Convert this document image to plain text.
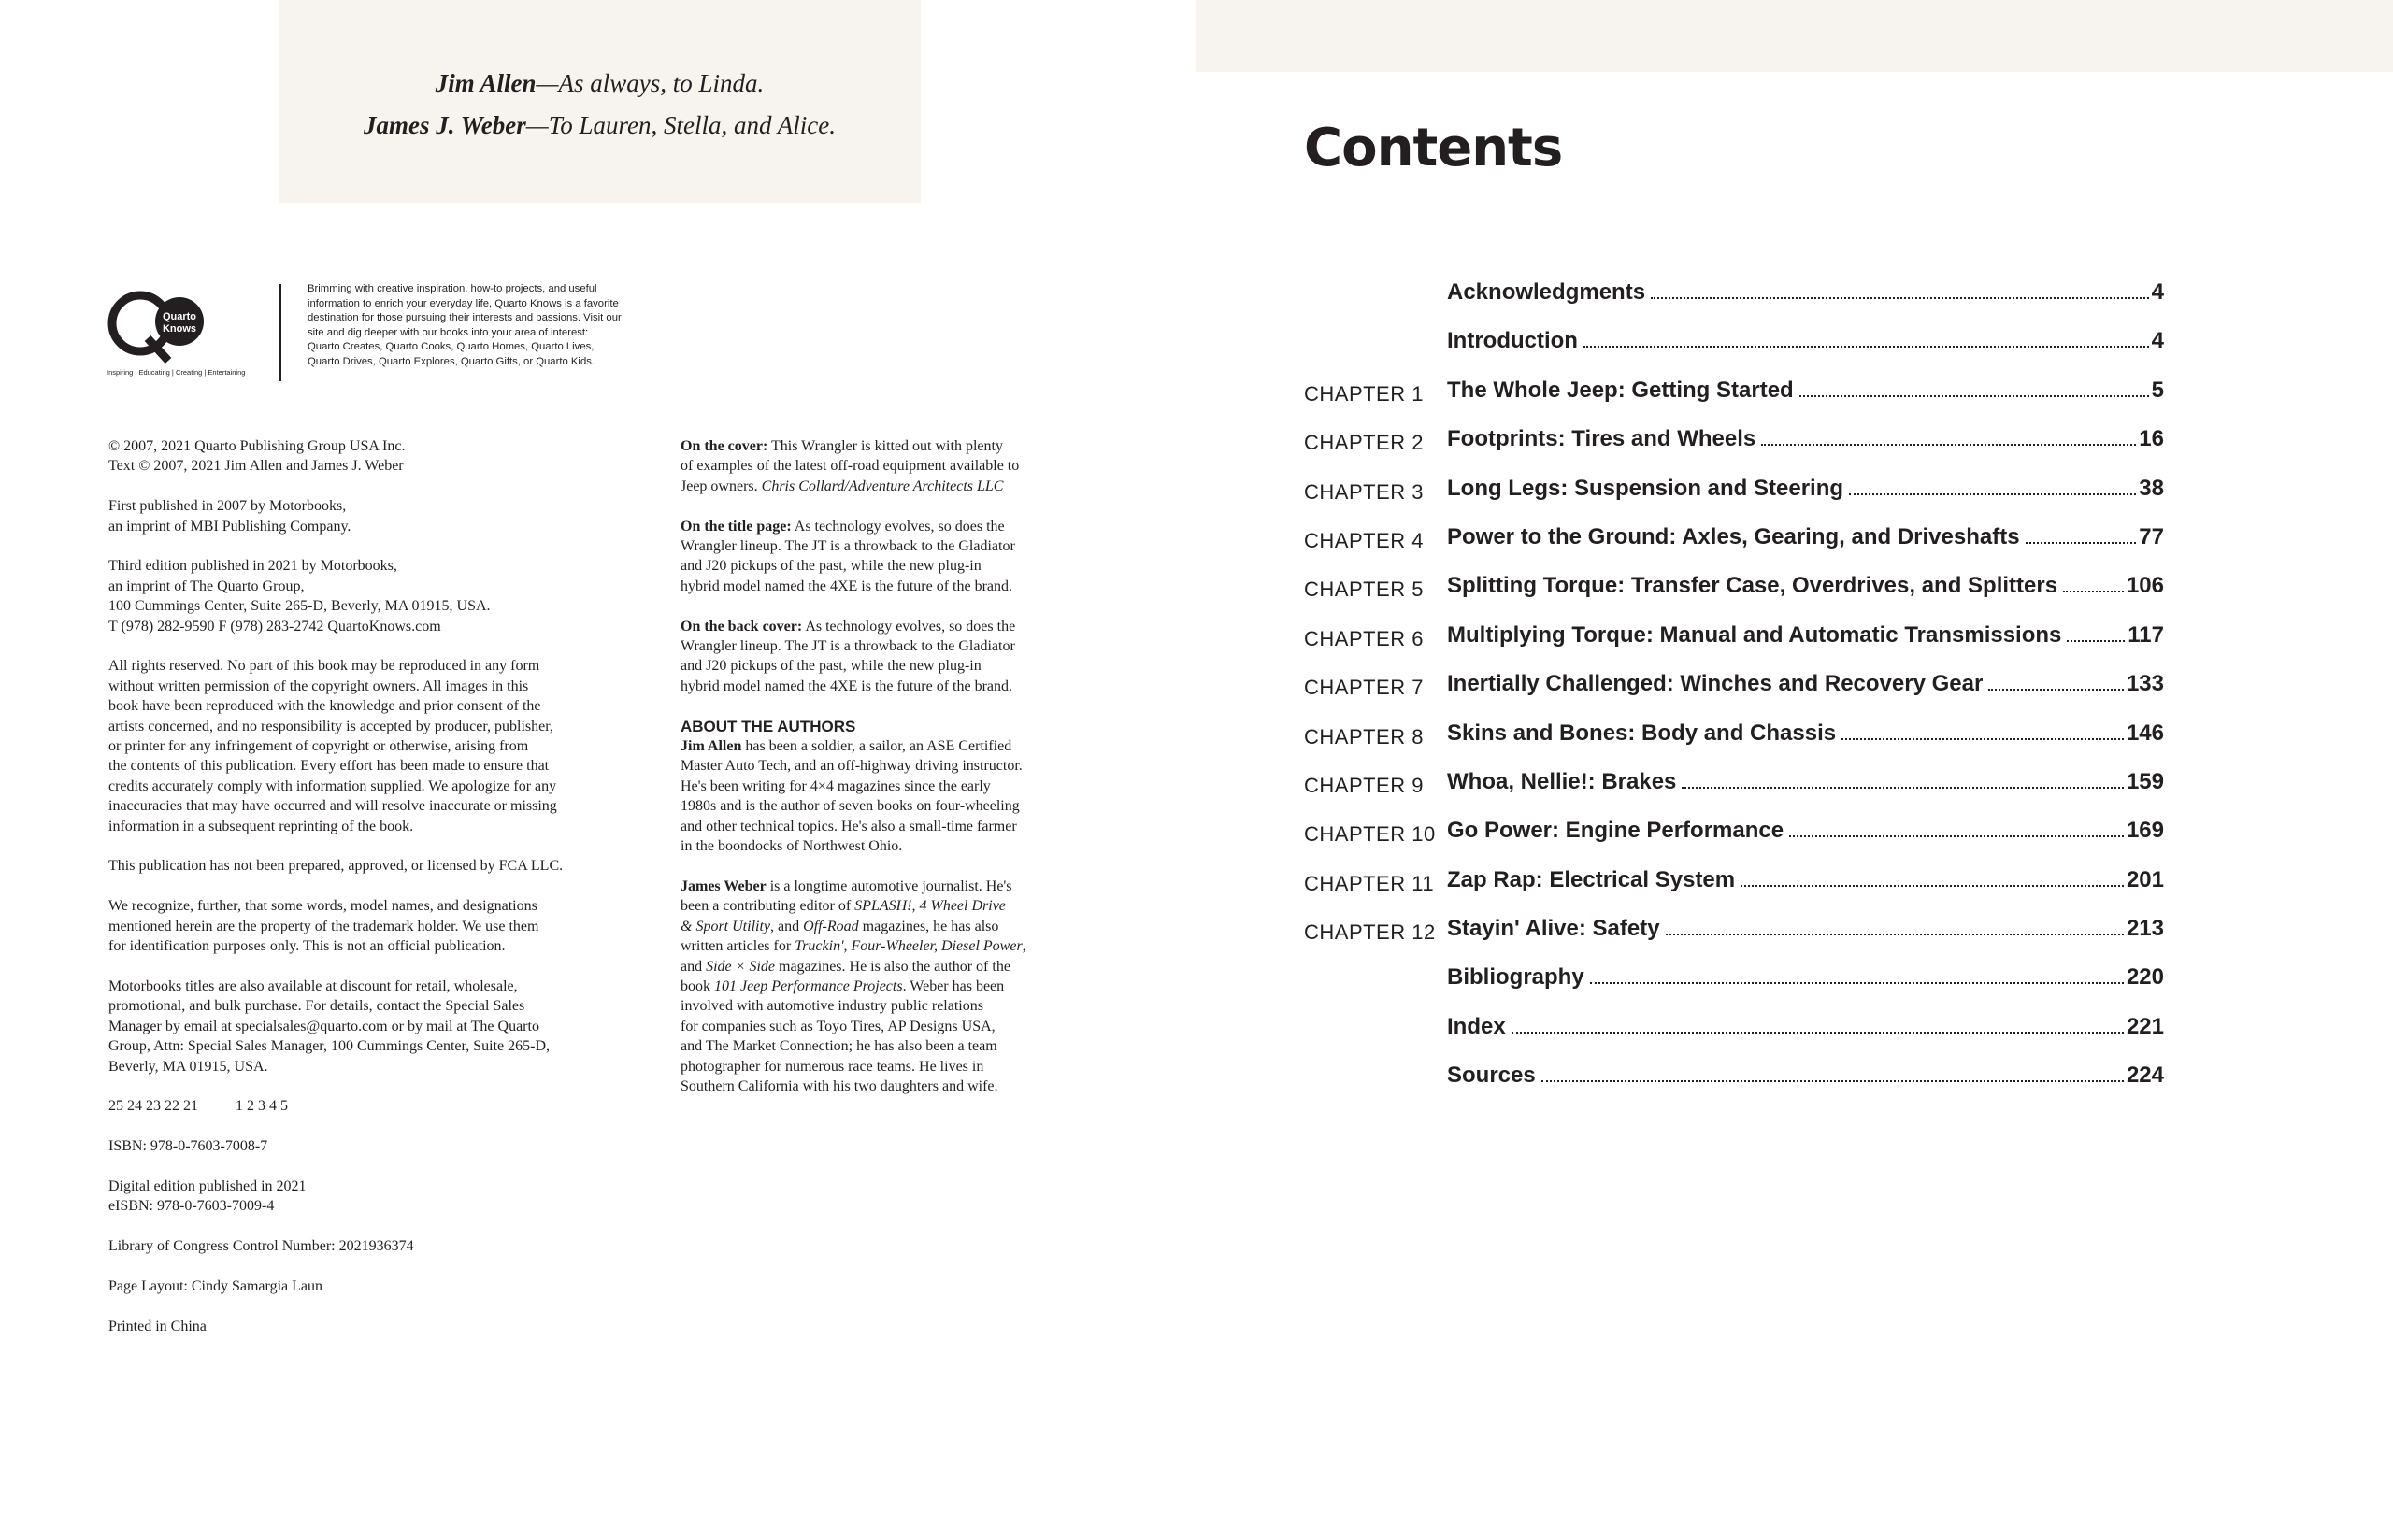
Jim Allen—As always, to Linda.
James J. Weber—To Lauren, Stella, and Alice.
Quarto
Knows
Inspiring | Educating | Creating | Entertaining
Brimming with creative inspiration, how-to projects, and useful
information to enrich your everyday life, Quarto Knows is a favorite
destination for those pursuing their interests and passions. Visit our
site and dig deeper with our books into your area of interest:
Quarto Creates, Quarto Cooks, Quarto Homes, Quarto Lives,
Quarto Drives, Quarto Explores, Quarto Gifts, or Quarto Kids.

© 2007, 2021 Quarto Publishing Group USA Inc.
Text © 2007, 2021 Jim Allen and James J. Weber

First published in 2007 by Motorbooks,
an imprint of MBI Publishing Company.

Third edition published in 2021 by Motorbooks,
an imprint of The Quarto Group,
100 Cummings Center, Suite 265-D, Beverly, MA 01915, USA.
T (978) 282-9590 F (978) 283-2742 QuartoKnows.com

All rights reserved. No part of this book may be reproduced in any form
without written permission of the copyright owners. All images in this
book have been reproduced with the knowledge and prior consent of the
artists concerned, and no responsibility is accepted by producer, publisher,
or printer for any infringement of copyright or otherwise, arising from
the contents of this publication. Every effort has been made to ensure that
credits accurately comply with information supplied. We apologize for any
inaccuracies that may have occurred and will resolve inaccurate or missing
information in a subsequent reprinting of the book.

This publication has not been prepared, approved, or licensed by FCA LLC.

We recognize, further, that some words, model names, and designations
mentioned herein are the property of the trademark holder. We use them
for identification purposes only. This is not an official publication.

Motorbooks titles are also available at discount for retail, wholesale,
promotional, and bulk purchase. For details, contact the Special Sales
Manager by email at specialsales@quarto.com or by mail at The Quarto
Group, Attn: Special Sales Manager, 100 Cummings Center, Suite 265-D,
Beverly, MA 01915, USA.

25 24 23 22 21          1 2 3 4 5

ISBN: 978-0-7603-7008-7

Digital edition published in 2021
eISBN: 978-0-7603-7009-4

Library of Congress Control Number: 2021936374

Page Layout: Cindy Samargia Laun

Printed in China

On the cover: This Wrangler is kitted out with plenty
of examples of the latest off-road equipment available to
Jeep owners. Chris Collard/Adventure Architects LLC

On the title page: As technology evolves, so does the
Wrangler lineup. The JT is a throwback to the Gladiator
and J20 pickups of the past, while the new plug-in
hybrid model named the 4XE is the future of the brand.

On the back cover: As technology evolves, so does the
Wrangler lineup. The JT is a throwback to the Gladiator
and J20 pickups of the past, while the new plug-in
hybrid model named the 4XE is the future of the brand.

ABOUT THE AUTHORS
Jim Allen has been a soldier, a sailor, an ASE Certified
Master Auto Tech, and an off-highway driving instructor.
He's been writing for 4×4 magazines since the early
1980s and is the author of seven books on four-wheeling
and other technical topics. He's also a small-time farmer
in the boondocks of Northwest Ohio.

James Weber is a longtime automotive journalist. He's
been a contributing editor of SPLASH!, 4 Wheel Drive
& Sport Utility, and Off-Road magazines, he has also
written articles for Truckin', Four-Wheeler, Diesel Power,
and Side × Side magazines. He is also the author of the
book 101 Jeep Performance Projects. Weber has been
involved with automotive industry public relations
for companies such as Toyo Tires, AP Designs USA,
and The Market Connection; he has also been a team
photographer for numerous race teams. He lives in
Southern California with his two daughters and wife.

Contents
Acknowledgments	4
Introduction	4
CHAPTER 1 The Whole Jeep: Getting Started	5
CHAPTER 2 Footprints: Tires and Wheels	16
CHAPTER 3 Long Legs: Suspension and Steering	38
CHAPTER 4 Power to the Ground: Axles, Gearing, and Driveshafts	77
CHAPTER 5 Splitting Torque: Transfer Case, Overdrives, and Splitters	106
CHAPTER 6 Multiplying Torque: Manual and Automatic Transmissions	117
CHAPTER 7 Inertially Challenged: Winches and Recovery Gear	133
CHAPTER 8 Skins and Bones: Body and Chassis	146
CHAPTER 9 Whoa, Nellie!: Brakes	159
CHAPTER 10 Go Power: Engine Performance	169
CHAPTER 11 Zap Rap: Electrical System	201
CHAPTER 12 Stayin' Alive: Safety	213
Bibliography	220
Index	221
Sources	224
